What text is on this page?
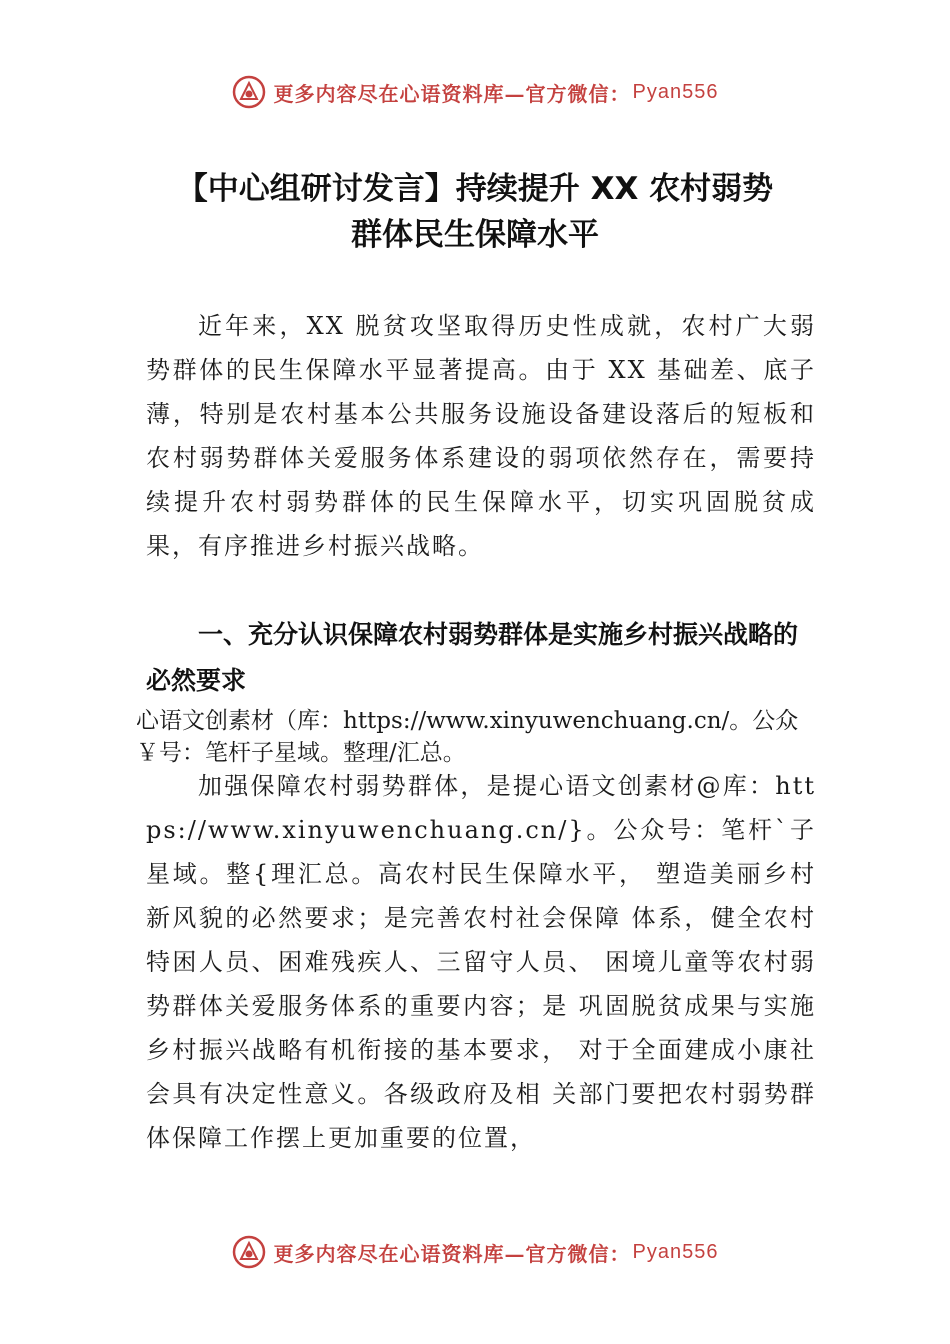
更多内容尽在心语资料库—官方微信： Pyan556
【中心组研讨发言】持续提升 XX 农村弱势
群体民生保障水平

近年来，XX 脱贫攻坚取得历史性成就，农村广大弱势群体的民生保障水平显著提高。由于 XX 基础差、底子薄，特别是农村基本公共服务设施设备建设落后的短板和农村弱势群体关爱服务体系建设的弱项依然存在，需要持续提升农村弱势群体的民生保障水平，切实巩固脱贫成果，有序推进乡村振兴战略。

一、充分认识保障农村弱势群体是实施乡村振兴战略的必然要求

心语文创素材（库：https://www.xinyuwenchuang.cn/。公众￥号：笔杆子星域。整理/汇总。

加强保障农村弱势群体，是提心语文创素材@库：https://www.xinyuwenchuang.cn/}。公众号：笔杆`子星域。整{理汇总。高农村民生保障水平， 塑造美丽乡村新风貌的必然要求；是完善农村社会保障 体系，健全农村特困人员、困难残疾人、三留守人员、 困境儿童等农村弱势群体关爱服务体系的重要内容；是 巩固脱贫成果与实施乡村振兴战略有机衔接的基本要求， 对于全面建成小康社会具有决定性意义。各级政府及相 关部门要把农村弱势群体保障工作摆上更加重要的位置，

更多内容尽在心语资料库—官方微信： Pyan556
